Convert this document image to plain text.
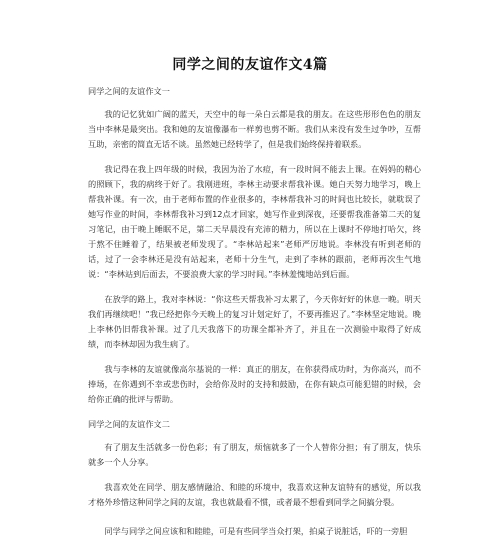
同学之间的友谊作文4篇

同学之间的友谊作文一

我的记忆犹如广阔的蓝天，天空中的每一朵白云都是我的朋友。在这些形形色色的朋友当中李林是最突出。我和她的友谊像瀑布一样剪也剪不断。我们从来没有发生过争吵，互帮互助，亲密的简直无话不谈。虽然她已经转学了，但是我们始终保持着联系。

我记得在我上四年级的时候，我因为治了水痘，有一段时间不能去上课。在妈妈的精心的照顾下，我的病终于好了。我刚进班，李林主动要求帮我补课。她白天努力地学习，晚上帮我补课。有一次，由于老师布置的作业很多的，李林帮我补习的时间也比较长，就耽误了她写作业的时间，李林帮我补习到12点才回家，她写作业到深夜，还要帮我准备第二天的复习笔记，由于晚上睡眠不足，第二天早晨没有充沛的精力，所以在上课时不停地打哈欠，终于熬不住睡着了，结果被老师发现了。“李林站起来”老师严厉地说。李林没有听到老师的话，过了一会李林还是没有站起来，老师十分生气，走到了李林的跟前，老师再次生气地说：“李林站到后面去，不要浪费大家的学习时间。”李林羞愧地站到后面。

在放学的路上，我对李林说：“你这些天帮我补习太累了，今天你好好的休息一晚。明天我们再继续吧！”我已经把你今天晚上的复习计划定好了，不要再推迟了。”李林坚定地说。晚上李林仍旧帮我补课。过了几天我落下的功课全都补齐了，并且在一次测验中取得了好成绩，而李林却因为我生病了。

我与李林的友谊就像高尔基说的一样：真正的朋友，在你获得成功时，为你高兴，而不捧场，在你遇到不幸或悲伤时，会给你及时的支持和鼓励，在你有缺点可能犯错的时候，会给你正确的批评与帮助。

同学之间的友谊作文二

有了朋友生活就多一份色彩；有了朋友，烦恼就多了一个人替你分担；有了朋友，快乐就多一个人分享。

我喜欢处在同学、朋友感情融洽、和睦的环境中，我喜欢这种友谊特有的感觉，所以我才格外珍惜这种同学之间的友谊，我也就最看不惯，或者最不想看到同学之间搞分裂。

同学与同学之间应该和和睦睦，可是有些同学当众打架，拍桌子说脏话，吓的一旁胆
